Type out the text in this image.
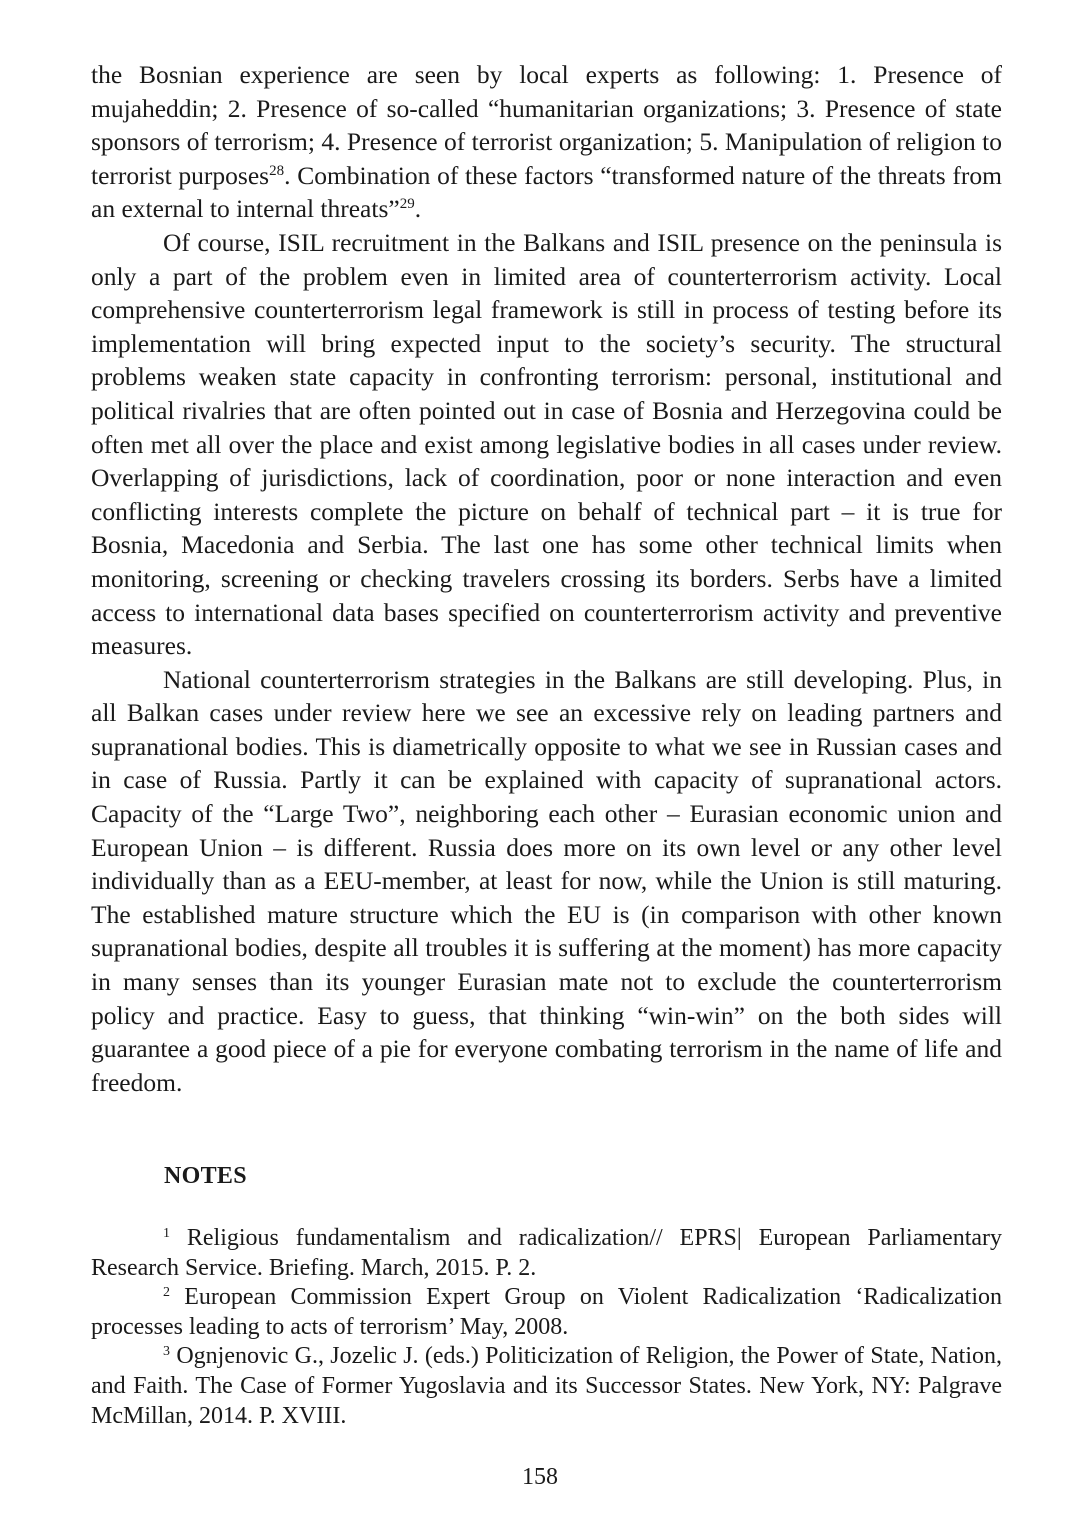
the Bosnian experience are seen by local experts as following: 1. Presence of mujaheddin; 2. Presence of so-called “humanitarian organizations; 3. Presence of state sponsors of terrorism; 4. Presence of terrorist organization; 5. Manipulation of religion to terrorist purposes$^{28}$. Combination of these factors “transformed nature of the threats from an external to internal threats”$^{29}$.

Of course, ISIL recruitment in the Balkans and ISIL presence on the peninsula is only a part of the problem even in limited area of counterterrorism activity. Local comprehensive counterterrorism legal framework is still in process of testing before its implementation will bring expected input to the society’s security. The structural problems weaken state capacity in confronting terrorism: personal, institutional and political rivalries that are often pointed out in case of Bosnia and Herzegovina could be often met all over the place and exist among legislative bodies in all cases under review. Overlapping of jurisdictions, lack of coordination, poor or none interaction and even conflicting interests complete the picture on behalf of technical part – it is true for Bosnia, Macedonia and Serbia. The last one has some other technical limits when monitoring, screening or checking travelers crossing its borders. Serbs have a limited access to international data bases specified on counterterrorism activity and preventive measures.

National counterterrorism strategies in the Balkans are still developing. Plus, in all Balkan cases under review here we see an excessive rely on leading partners and supranational bodies. This is diametrically opposite to what we see in Russian cases and in case of Russia. Partly it can be explained with capacity of supranational actors. Capacity of the “Large Two”, neighboring each other – Eurasian economic union and European Union – is different. Russia does more on its own level or any other level individually than as a EEU-member, at least for now, while the Union is still maturing. The established mature structure which the EU is (in comparison with other known supranational bodies, despite all troubles it is suffering at the moment) has more capacity in many senses than its younger Eurasian mate not to exclude the counterterrorism policy and practice. Easy to guess, that thinking “win-win” on the both sides will guarantee a good piece of a pie for everyone combating terrorism in the name of life and freedom.

NOTES

$^1$ Religious fundamentalism and radicalization// EPRS| European Parliamentary Research Service. Briefing. March, 2015. P. 2.

$^2$ European Commission Expert Group on Violent Radicalization ‘Radicalization processes leading to acts of terrorism’ May, 2008.

$^3$ Ognjenovic G., Jozelic J. (eds.) Politicization of Religion, the Power of State, Nation, and Faith. The Case of Former Yugoslavia and its Successor States. New York, NY: Palgrave McMillan, 2014. P. XVIII.

158
